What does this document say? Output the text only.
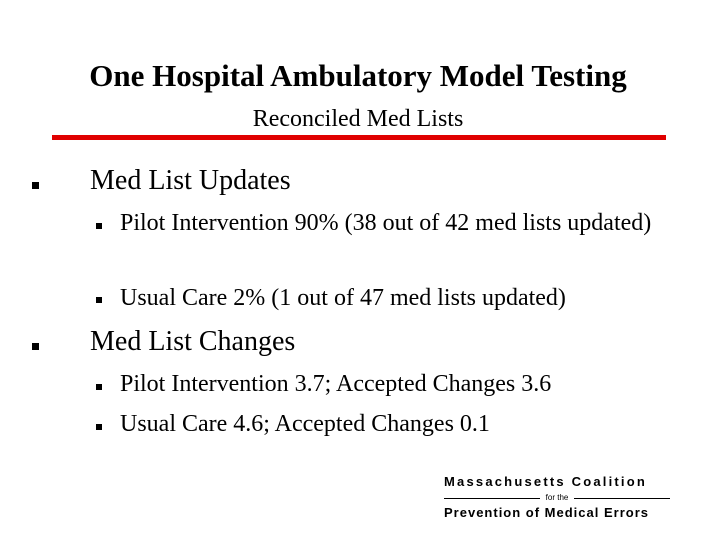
One Hospital Ambulatory Model Testing
Reconciled Med Lists
Med List Updates
Pilot Intervention 90% (38 out of 42 med lists updated)
Usual Care 2% (1 out of 47 med lists updated)
Med List Changes
Pilot Intervention 3.7; Accepted Changes 3.6
Usual Care 4.6; Accepted Changes 0.1
Massachusetts Coalition
for the
Prevention of Medical Errors
